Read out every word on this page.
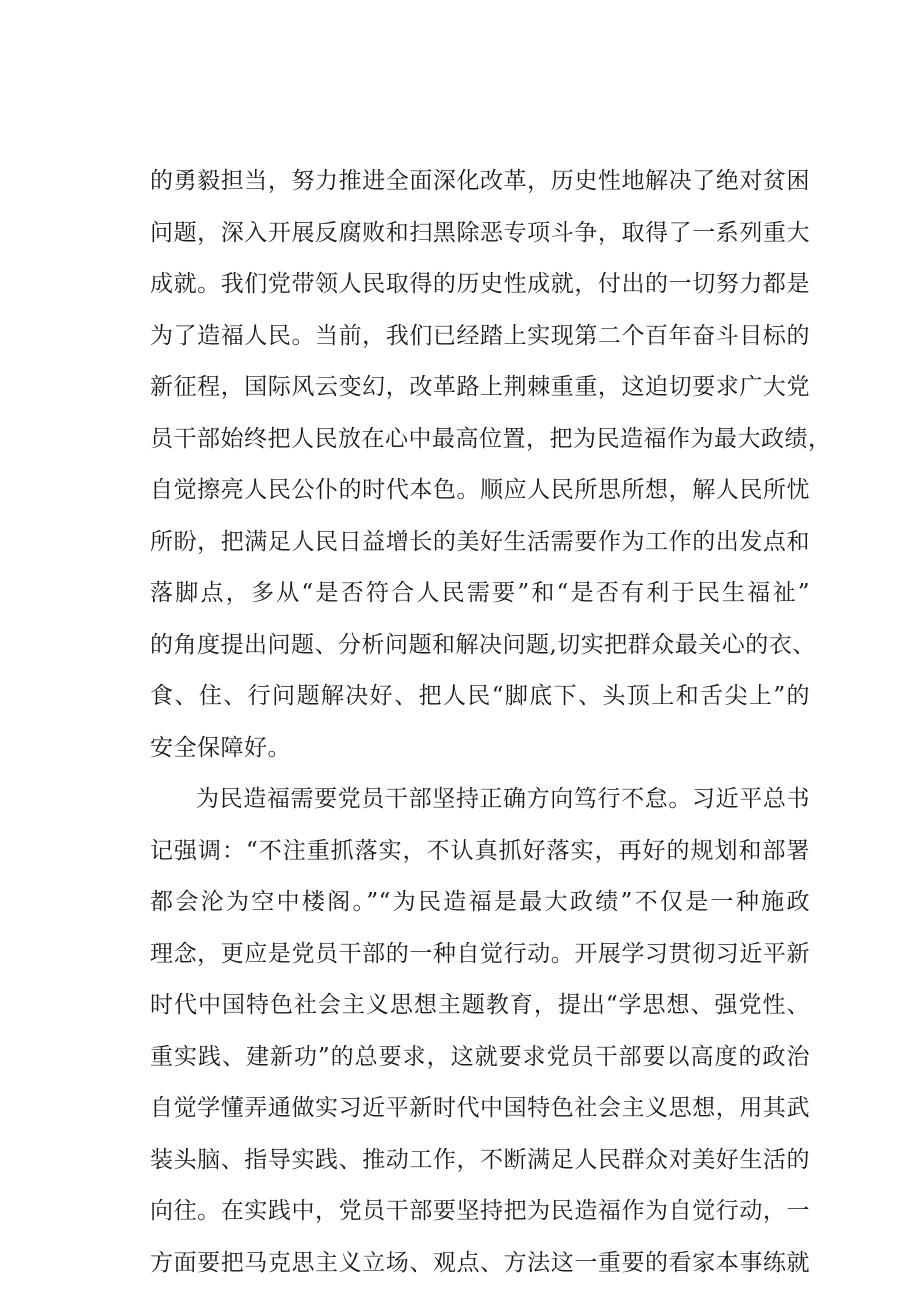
的勇毅担当，努力推进全面深化改革，历史性地解决了绝对贫困
问题，深入开展反腐败和扫黑除恶专项斗争，取得了一系列重大
成就。我们党带领人民取得的历史性成就，付出的一切努力都是
为了造福人民。当前，我们已经踏上实现第二个百年奋斗目标的
新征程，国际风云变幻，改革路上荆棘重重，这迫切要求广大党
员干部始终把人民放在心中最高位置，把为民造福作为最大政绩，
自觉擦亮人民公仆的时代本色。顺应人民所思所想，解人民所忧
所盼，把满足人民日益增长的美好生活需要作为工作的出发点和
落脚点，多从“是否符合人民需要”和“是否有利于民生福祉”
的角度提出问题、分析问题和解决问题,切实把群众最关心的衣、
食、住、行问题解决好、把人民“脚底下、头顶上和舌尖上”的
安全保障好。
为民造福需要党员干部坚持正确方向笃行不怠。习近平总书
记强调：“不注重抓落实，不认真抓好落实，再好的规划和部署
都会沦为空中楼阁。”“为民造福是最大政绩”不仅是一种施政
理念，更应是党员干部的一种自觉行动。开展学习贯彻习近平新
时代中国特色社会主义思想主题教育，提出“学思想、强党性、
重实践、建新功”的总要求，这就要求党员干部要以高度的政治
自觉学懂弄通做实习近平新时代中国特色社会主义思想，用其武
装头脑、指导实践、推动工作，不断满足人民群众对美好生活的
向往。在实践中，党员干部要坚持把为民造福作为自觉行动，一
方面要把马克思主义立场、观点、方法这一重要的看家本事练就
